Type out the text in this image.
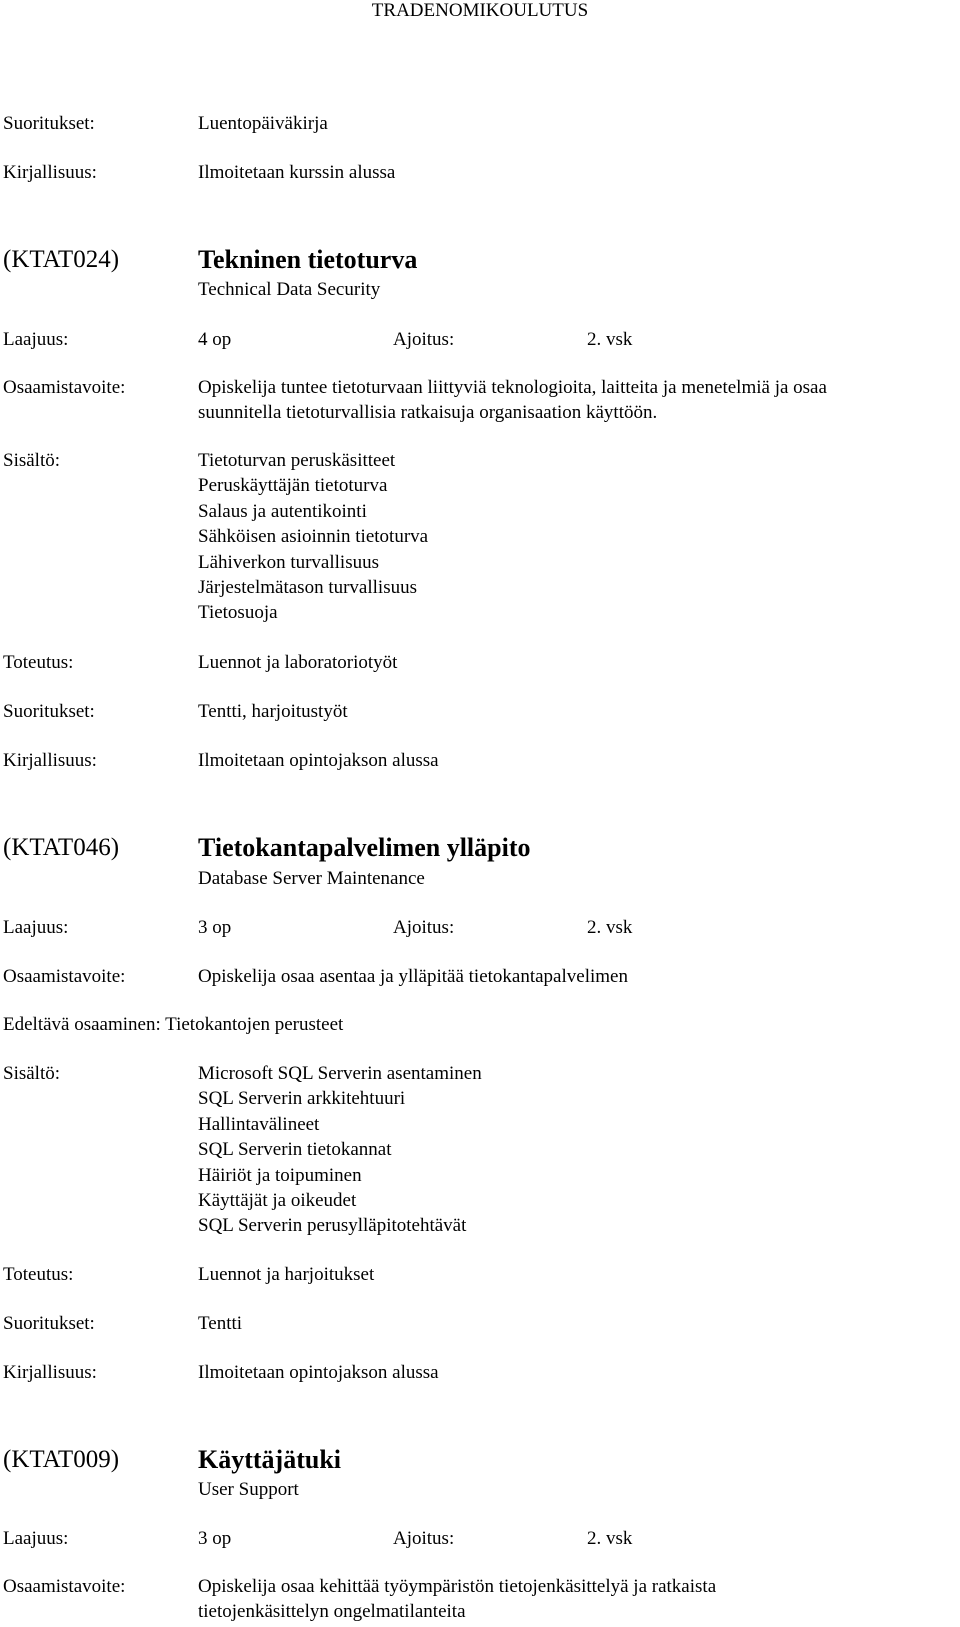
TRADENOMIKOULUTUS
Suoritukset:	Luentopäiväkirja
Kirjallisuus:	Ilmoitetaan kurssin alussa
(KTAT024)	Tekninen tietoturva
Technical Data Security
Laajuus:	4 op	Ajoitus:	2. vsk
Osaamistavoite:	Opiskelija tuntee tietoturvaan liittyviä teknologioita, laitteita ja menetelmiä ja osaa
suunnitella tietoturvallisia ratkaisuja organisaation käyttöön.
Sisältö:	Tietoturvan peruskäsitteet
Peruskäyttäjän tietoturva
Salaus ja autentikointi
Sähköisen asioinnin tietoturva
Lähiverkon turvallisuus
Järjestelmätason turvallisuus
Tietosuoja
Toteutus:	Luennot ja laboratoriotyöt
Suoritukset:	Tentti, harjoitustyöt
Kirjallisuus:	Ilmoitetaan opintojakson alussa
(KTAT046)	Tietokantapalvelimen ylläpito
Database Server Maintenance
Laajuus:	3 op	Ajoitus:	2. vsk
Osaamistavoite:	Opiskelija osaa asentaa ja ylläpitää tietokantapalvelimen
Edeltävä osaaminen: Tietokantojen perusteet
Sisältö:	Microsoft SQL Serverin asentaminen
SQL Serverin arkkitehtuuri
Hallintavälineet
SQL Serverin tietokannat
Häiriöt ja toipuminen
Käyttäjät ja oikeudet
SQL Serverin perusylläpitotehtävät
Toteutus:	Luennot ja harjoitukset
Suoritukset:	Tentti
Kirjallisuus:	Ilmoitetaan opintojakson alussa
(KTAT009)	Käyttäjätuki
User Support
Laajuus:	3 op	Ajoitus:	2. vsk
Osaamistavoite:	Opiskelija osaa kehittää työympäristön tietojenkäsittelyä ja ratkaista
tietojenkäsittelyn ongelmatilanteita
